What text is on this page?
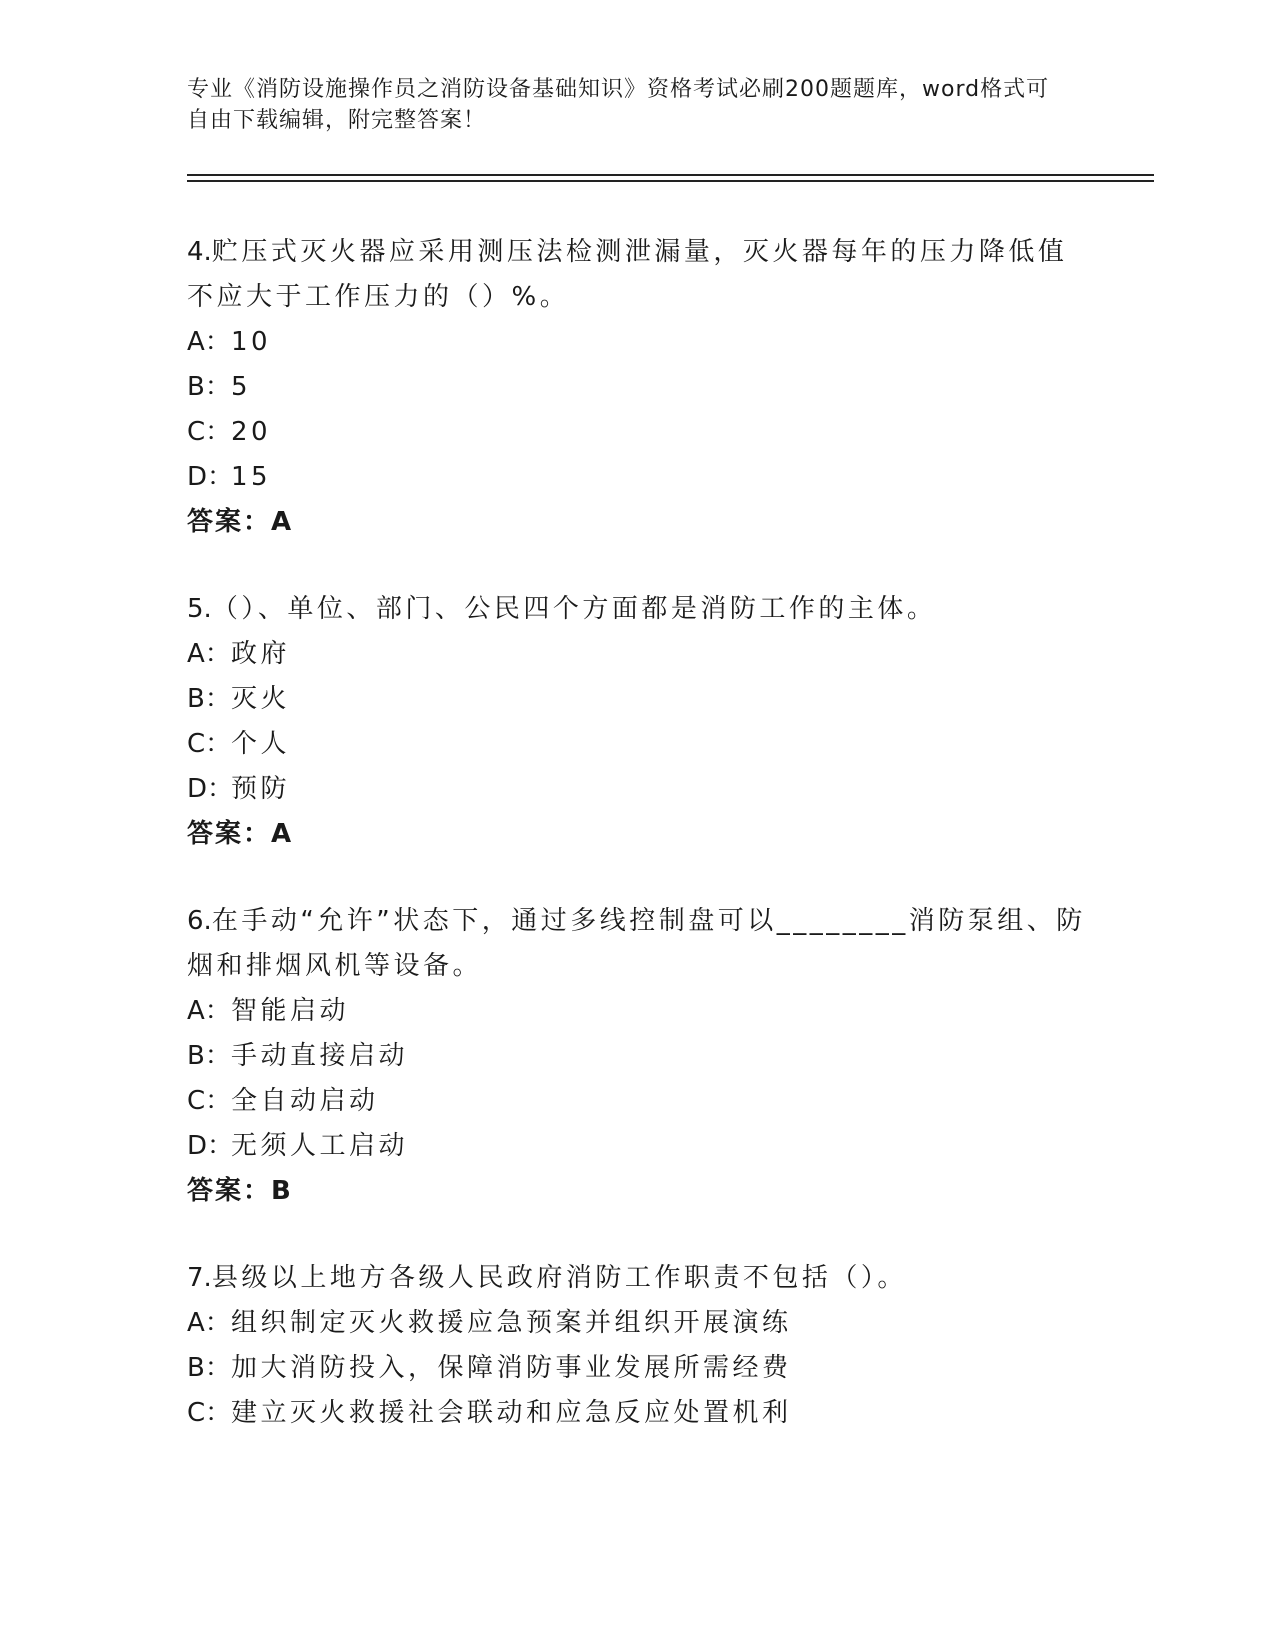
专业《消防设施操作员之消防设备基础知识》资格考试必刷200题题库，word格式可自由下载编辑，附完整答案！

4.贮压式灭火器应采用测压法检测泄漏量，灭火器每年的压力降低值不应大于工作压力的（）%。

A： 10
B： 5
C： 20
D：
15
答案：A

5.（）、单位、部门、公民四个方面都是消防工作的主体。

A： 政府
B： 灭火
C： 个人
D：
预防
答案：A

6.在手动“允许”状态下，通过多线控制盘可以________消防泵组、防烟和排烟风机等设备。

A： 智能启动
B： 手动直接启动
C： 全自动启动
D：
无须人工启动
答案：B

7.县级以上地方各级人民政府消防工作职责不包括（）。

A： 组织制定灭火救援应急预案并组织开展演练
B： 加大消防投入，保障消防事业发展所需经费
C： 建立灭火救援社会联动和应急反应处置机利
